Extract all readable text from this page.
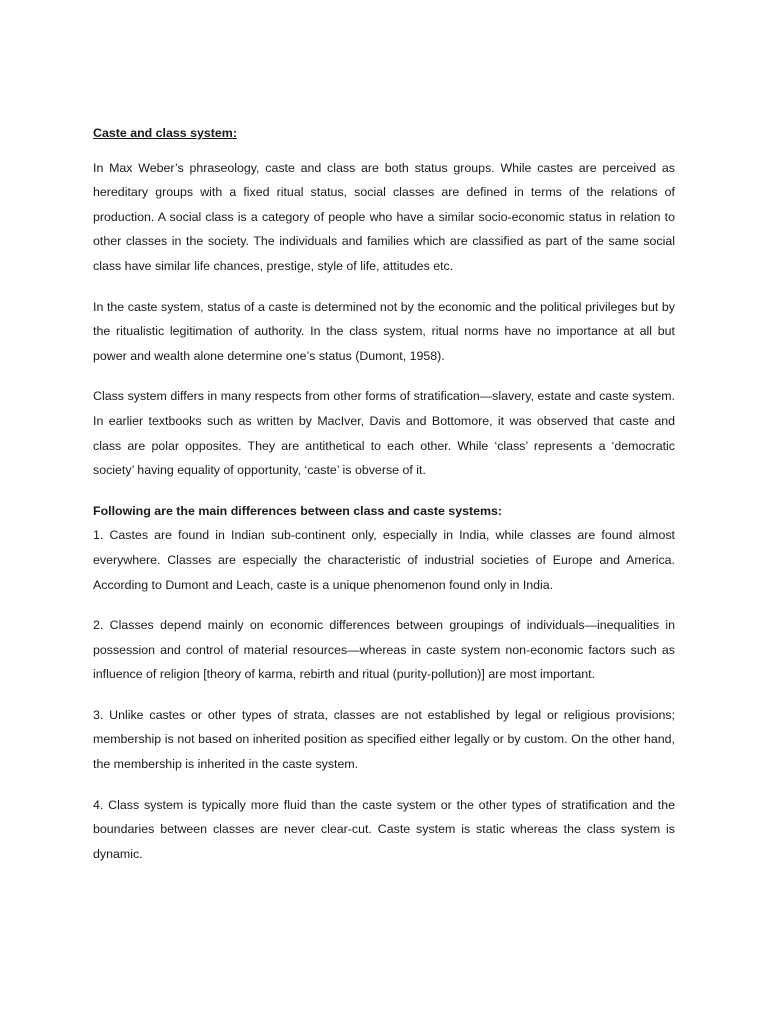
Caste and class system:

In Max Weber’s phraseology, caste and class are both status groups. While castes are perceived as hereditary groups with a fixed ritual status, social classes are defined in terms of the relations of production. A social class is a category of people who have a similar socio-economic status in relation to other classes in the society. The individuals and families which are classified as part of the same social class have similar life chances, prestige, style of life, attitudes etc.

In the caste system, status of a caste is determined not by the economic and the political privileges but by the ritualistic legitimation of authority. In the class system, ritual norms have no importance at all but power and wealth alone determine one’s status (Dumont, 1958).

Class system differs in many respects from other forms of stratification—slavery, estate and caste system. In earlier textbooks such as written by MacIver, Davis and Bottomore, it was observed that caste and class are polar opposites. They are antithetical to each other. While ‘class’ represents a ‘democratic society’ having equality of opportunity, ‘caste’ is obverse of it.

Following are the main differences between class and caste systems:

1. Castes are found in Indian sub-continent only, especially in India, while classes are found almost everywhere. Classes are especially the characteristic of industrial societies of Europe and America. According to Dumont and Leach, caste is a unique phenomenon found only in India.

2. Classes depend mainly on economic differences between groupings of individuals—inequalities in possession and control of material resources—whereas in caste system non-economic factors such as influence of religion [theory of karma, rebirth and ritual (purity-pollution)] are most important.

3. Unlike castes or other types of strata, classes are not established by legal or religious provisions; membership is not based on inherited position as specified either legally or by custom. On the other hand, the membership is inherited in the caste system.

4. Class system is typically more fluid than the caste system or the other types of stratification and the boundaries between classes are never clear-cut. Caste system is static whereas the class system is dynamic.
